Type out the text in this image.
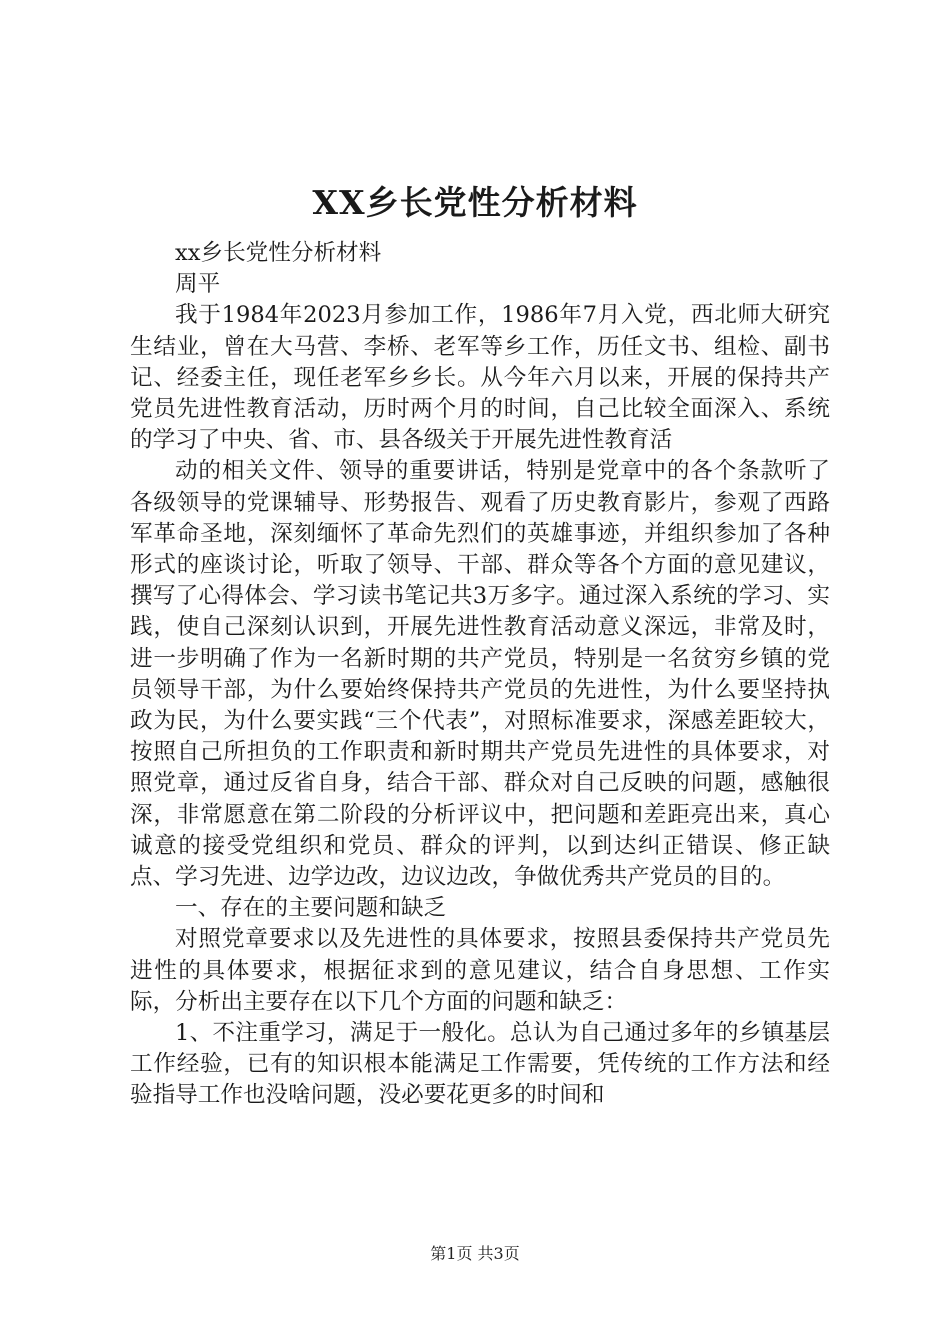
XX乡长党性分析材料

xx乡长党性分析材料

周平

我于1984年2023月参加工作，1986年7月入党，西北师大研究生结业，曾在大马营、李桥、老军等乡工作，历任文书、组检、副书记、经委主任，现任老军乡乡长。从今年六月以来，开展的保持共产党员先进性教育活动，历时两个月的时间，自己比较全面深入、系统的学习了中央、省、市、县各级关于开展先进性教育活

动的相关文件、领导的重要讲话，特别是党章中的各个条款听了各级领导的党课辅导、形势报告、观看了历史教育影片，参观了西路军革命圣地，深刻缅怀了革命先烈们的英雄事迹，并组织参加了各种形式的座谈讨论，听取了领导、干部、群众等各个方面的意见建议，撰写了心得体会、学习读书笔记共3万多字。通过深入系统的学习、实践，使自己深刻认识到，开展先进性教育活动意义深远，非常及时，进一步明确了作为一名新时期的共产党员，特别是一名贫穷乡镇的党员领导干部，为什么要始终保持共产党员的先进性，为什么要坚持执政为民，为什么要实践“三个代表”，对照标准要求，深感差距较大，按照自己所担负的工作职责和新时期共产党员先进性的具体要求，对照党章，通过反省自身，结合干部、群众对自己反映的问题，感触很深，非常愿意在第二阶段的分析评议中，把问题和差距亮出来，真心诚意的接受党组织和党员、群众的评判，以到达纠正错误、修正缺点、学习先进、边学边改，边议边改，争做优秀共产党员的目的。

一、存在的主要问题和缺乏

对照党章要求以及先进性的具体要求，按照县委保持共产党员先进性的具体要求，根据征求到的意见建议，结合自身思想、工作实际，分析出主要存在以下几个方面的问题和缺乏：

1、不注重学习，满足于一般化。总认为自己通过多年的乡镇基层工作经验，已有的知识根本能满足工作需要，凭传统的工作方法和经验指导工作也没啥问题，没必要花更多的时间和

第1页 共3页
